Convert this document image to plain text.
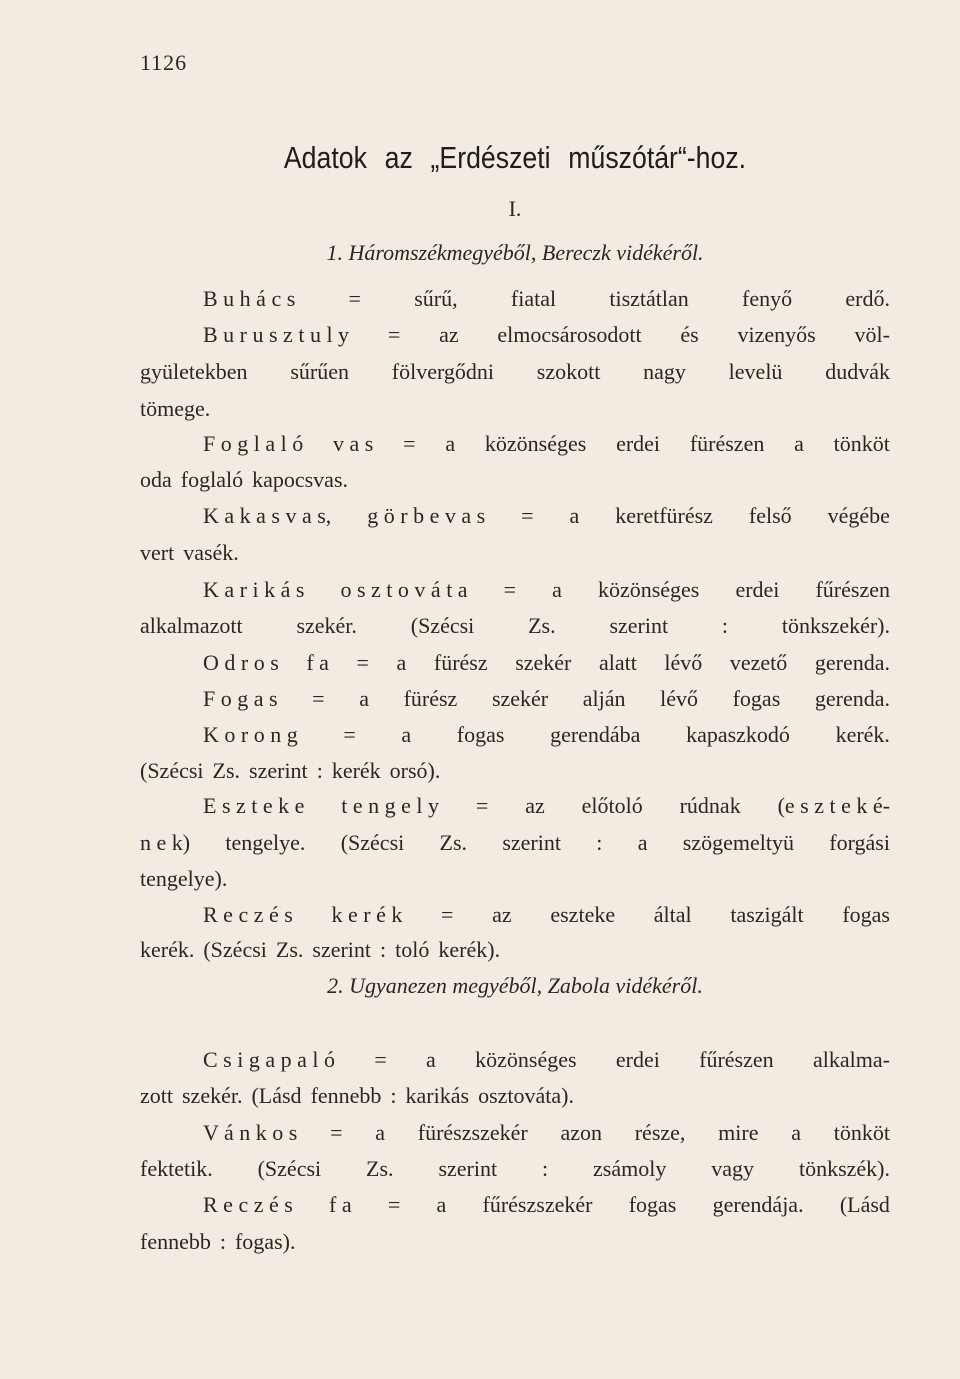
1126
Adatok az „Erdészeti műszótár“-hoz.
I.
1. Háromszékmegyéből, Bereczk vidékéről.
B u h á c s = sűrű, fiatal tisztátlan fenyő erdő.
B u r u s z t u l y = az elmocsárosodott és vizenyős völ-
gyületekben sűrűen fölvergődni szokott nagy levelü dudvák
tömege.
F o g l a l ó v a s = a közönséges erdei fürészen a tönköt
oda foglaló kapocsvas.
K a k a s v a s, g ö r b e v a s = a keretfürész felső végébe
vert vasék.
K a r i k á s o s z t o v á t a = a közönséges erdei fűrészen
alkalmazott szekér. (Szécsi Zs. szerint : tönkszekér).
O d r o s f a = a fürész szekér alatt lévő vezető gerenda.
F o g a s = a fürész szekér alján lévő fogas gerenda.
K o r o n g = a fogas gerendába kapaszkodó kerék.
(Szécsi Zs. szerint : kerék orsó).
E s z t e k e t e n g e l y = az előtoló rúdnak (e s z t e k é-
n e k) tengelye. (Szécsi Zs. szerint : a szögemeltyü forgási
tengelye).
R e c z é s k e r é k = az eszteke által taszigált fogas
kerék. (Szécsi Zs. szerint : toló kerék).
C s i g a p a l ó = a közönséges erdei fűrészen alkalma-
zott szekér. (Lásd fennebb : karikás osztováta).
V á n k o s = a fürészszekér azon része, mire a tönköt
fektetik. (Szécsi Zs. szerint : zsámoly vagy tönkszék).
R e c z é s f a = a fűrészszekér fogas gerendája. (Lásd
fennebb : fogas).
2. Ugyanezen megyéből, Zabola vidékéről.
